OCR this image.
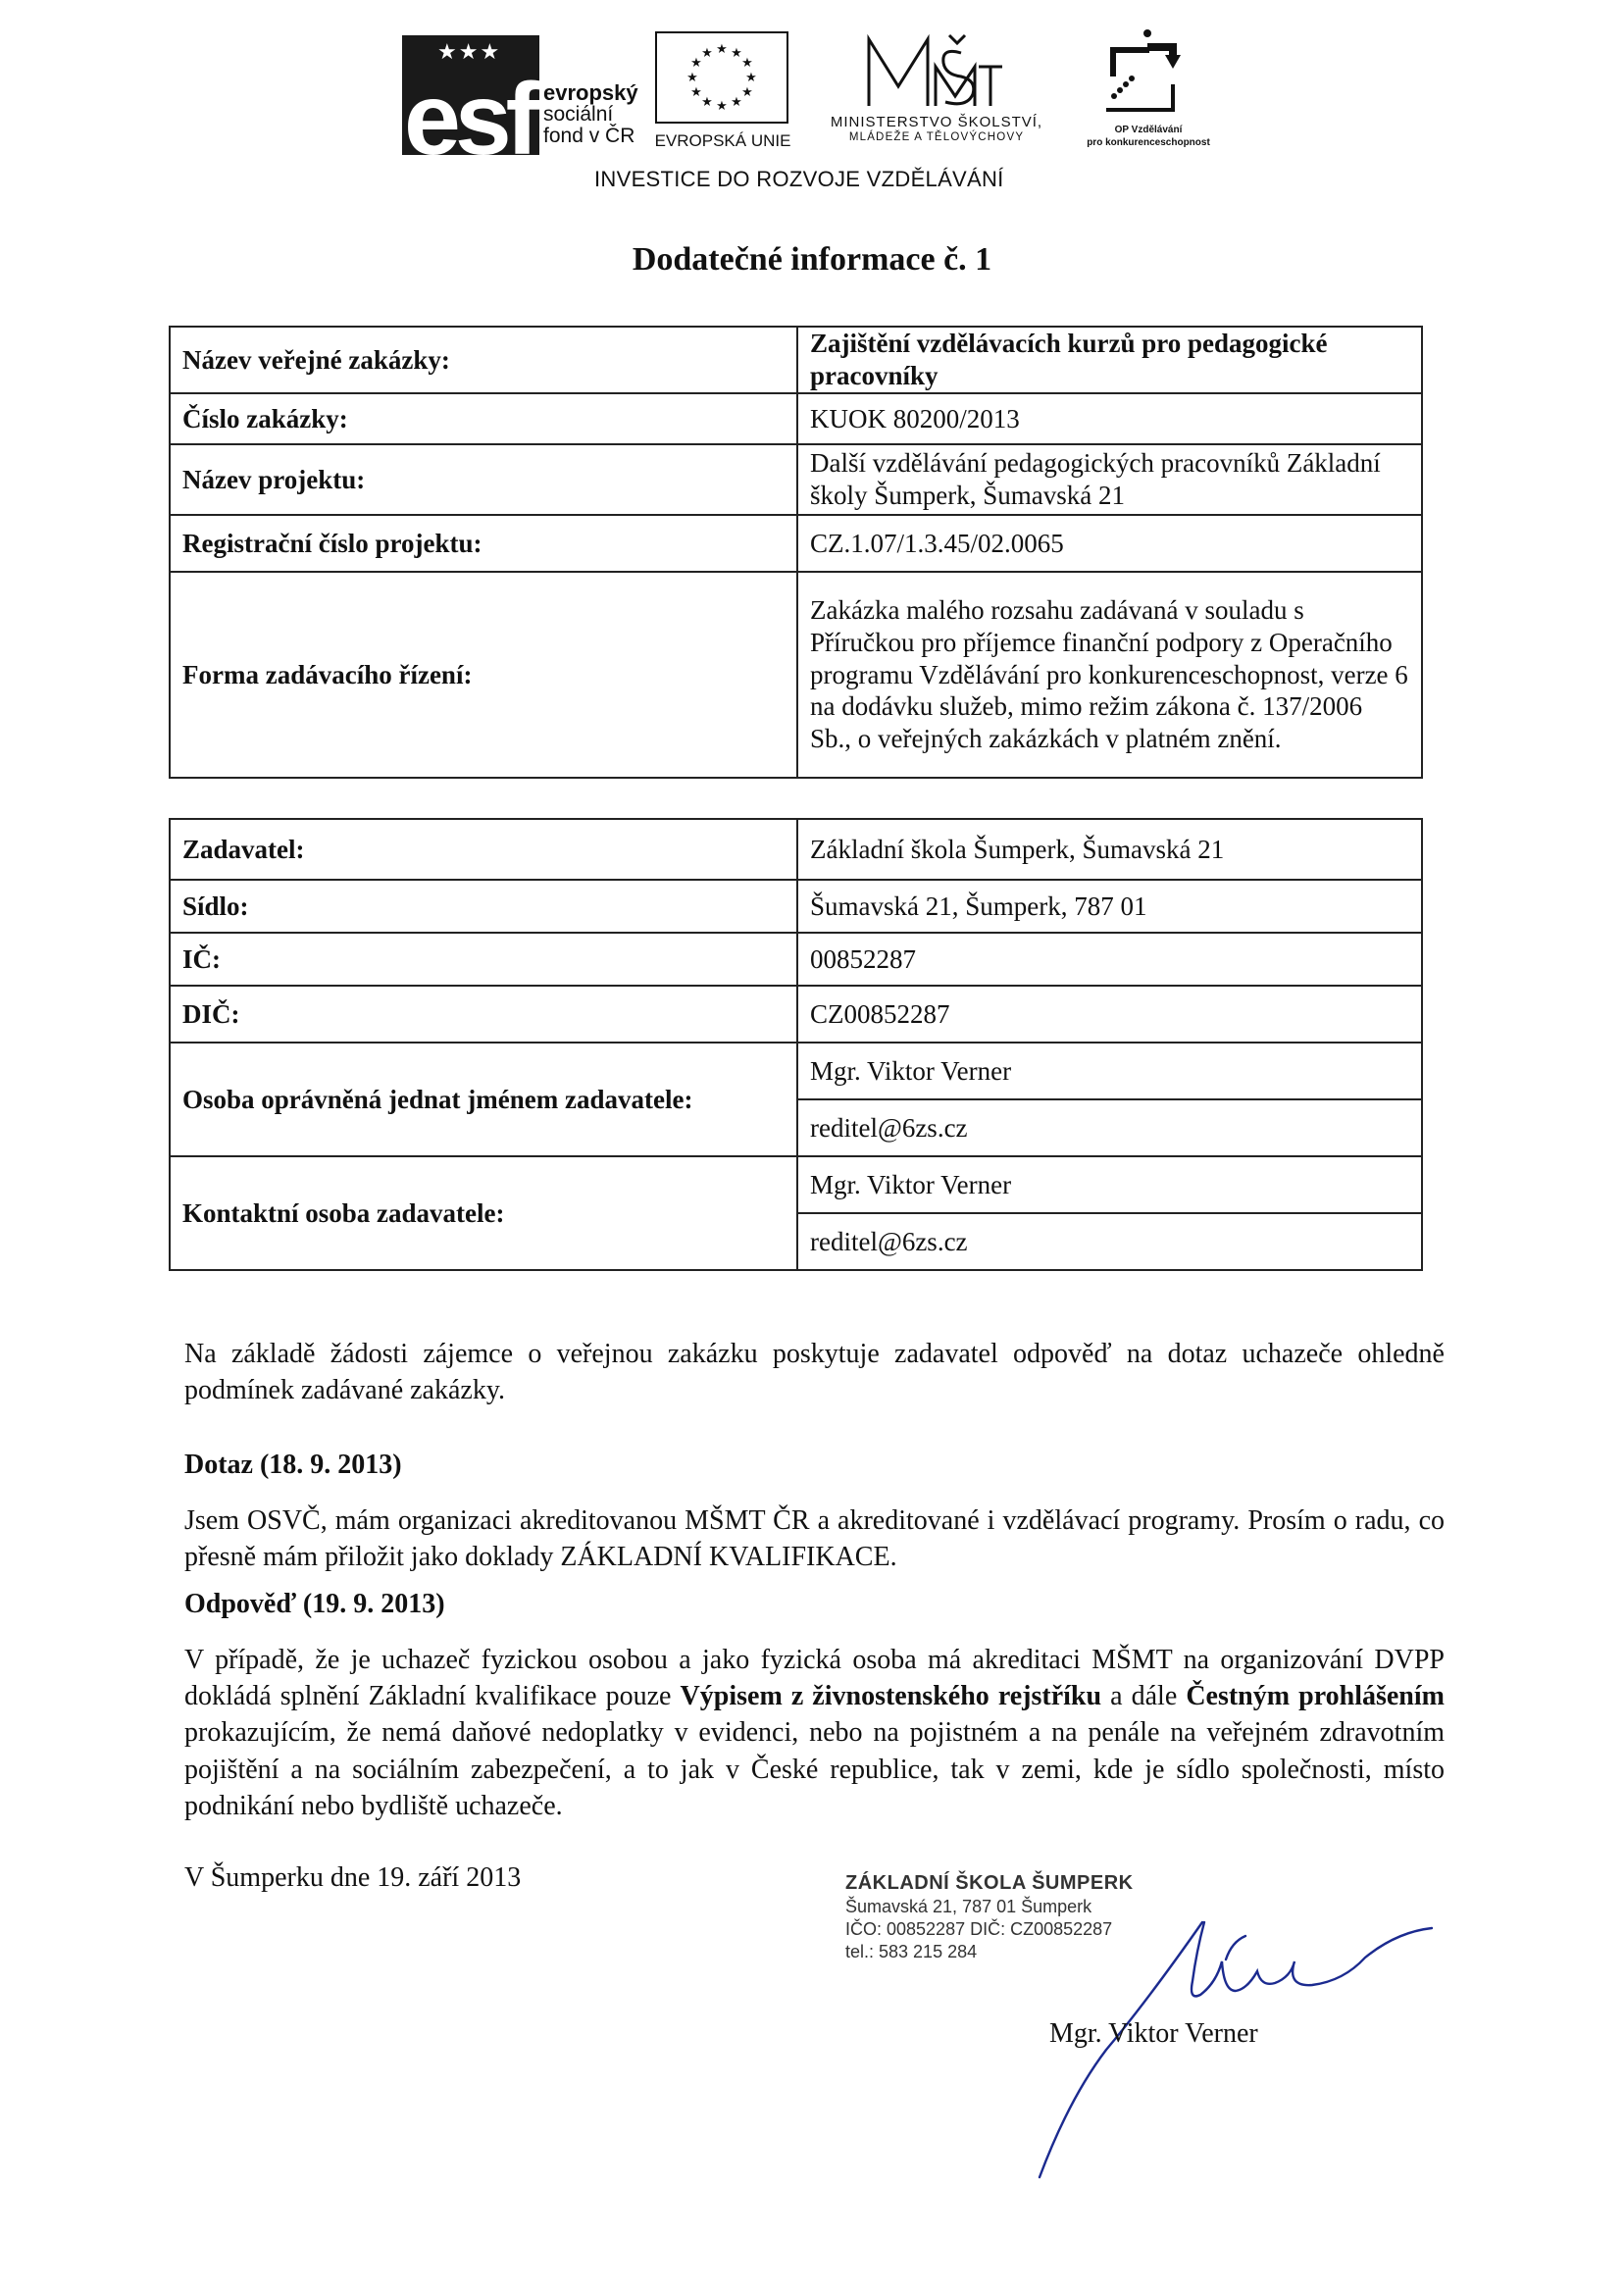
★★★
esf evropský
sociální
fond v ČR
★ ★
★
★
★
★
★
★
★
★
★
★
EVROPSKÁ UNIE
MINISTERSTVO ŠKOLSTVÍ,
MLÁDEŽE A TĚLOVÝCHOVY
OP Vzdělávání
pro konkurenceschopnost
INVESTICE DO ROZVOJE VZDĚLÁVÁNÍ
Dodatečné informace č. 1
Název veřejné zakázky:	Zajištění vzdělávacích kurzů pro pedagogické pracovníky
Číslo zakázky:	KUOK 80200/2013
Název projektu:	Další vzdělávání pedagogických pracovníků Základní školy Šumperk, Šumavská 21
Registrační číslo projektu:	CZ.1.07/1.3.45/02.0065
Forma zadávacího řízení:	Zakázka malého rozsahu zadávaná v souladu s Příručkou pro příjemce finanční podpory z Operačního programu Vzdělávání pro konkurenceschopnost, verze 6 na dodávku služeb, mimo režim zákona č. 137/2006 Sb., o veřejných zakázkách v platném znění.
Zadavatel:	Základní škola Šumperk, Šumavská 21
Sídlo:	Šumavská 21, Šumperk, 787 01
IČ:	00852287
DIČ:	CZ00852287
Osoba oprávněná jednat jménem zadavatele:	Mgr. Viktor Verner
	reditel@6zs.cz
Kontaktní osoba zadavatele:	Mgr. Viktor Verner
	reditel@6zs.cz
Na základě žádosti zájemce o veřejnou zakázku poskytuje zadavatel odpověď na dotaz uchazeče ohledně podmínek zadávané zakázky.
Dotaz (18. 9. 2013)
Jsem OSVČ, mám organizaci akreditovanou MŠMT ČR a akreditované i vzdělávací programy. Prosím o radu, co přesně mám přiložit jako doklady ZÁKLADNÍ KVALIFIKACE.
Odpověď (19. 9. 2013)
V případě, že je uchazeč fyzickou osobou a jako fyzická osoba má akreditaci MŠMT na organizování DVPP dokládá splnění Základní kvalifikace pouze Výpisem z živnostenského rejstříku a dále Čestným prohlášením prokazujícím, že nemá daňové nedoplatky v evidenci, nebo na pojistném a na penále na veřejném zdravotním pojištění a na sociálním zabezpečení, a to jak v České republice, tak v zemi, kde je sídlo společnosti, místo podnikání nebo bydliště uchazeče.
V Šumperku dne 19. září 2013	ZÁKLADNÍ ŠKOLA ŠUMPERK
Šumavská 21, 787 01 Šumperk
IČO: 00852287 DIČ: CZ00852287
tel.: 583 215 284
Mgr. Viktor Verner
